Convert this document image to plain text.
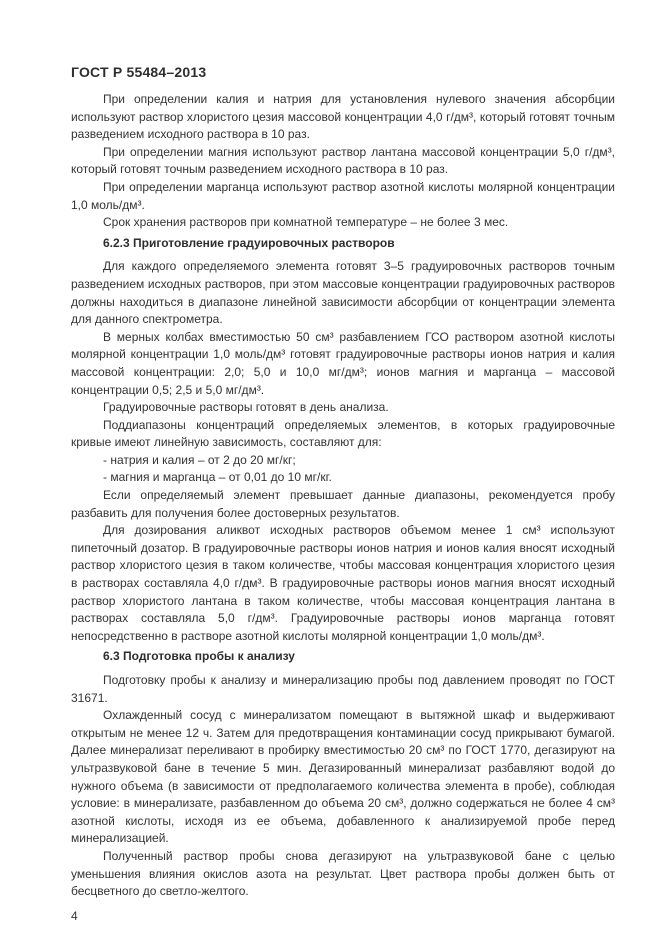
ГОСТ Р 55484–2013

При определении калия и натрия для установления нулевого значения абсорбции используют раствор хлористого цезия массовой концентрации 4,0 г/дм³, который готовят точным разведением исходного раствора в 10 раз.

При определении магния используют раствор лантана массовой концентрации 5,0 г/дм³, который готовят точным разведением исходного раствора в 10 раз.

При определении марганца используют раствор азотной кислоты молярной концентрации 1,0 моль/дм³.

Срок хранения растворов при комнатной температуре – не более 3 мес.

6.2.3 Приготовление градуировочных растворов

Для каждого определяемого элемента готовят 3–5 градуировочных растворов точным разведением исходных растворов, при этом массовые концентрации градуировочных растворов должны находиться в диапазоне линейной зависимости абсорбции от концентрации элемента для данного спектрометра.

В мерных колбах вместимостью 50 см³ разбавлением ГСО раствором азотной кислоты молярной концентрации 1,0 моль/дм³ готовят градуировочные растворы ионов натрия и калия массовой концентрации: 2,0; 5,0 и 10,0 мг/дм³; ионов магния и марганца – массовой концентрации 0,5; 2,5 и 5,0 мг/дм³.

Градуировочные растворы готовят в день анализа.

Поддиапазоны концентраций определяемых элементов, в которых градуировочные кривые имеют линейную зависимость, составляют для:

- натрия и калия – от 2 до 20 мг/кг;

- магния и марганца – от 0,01 до 10 мг/кг.

Если определяемый элемент превышает данные диапазоны, рекомендуется пробу разбавить для получения более достоверных результатов.

Для дозирования аликвот исходных растворов объемом менее 1 см³ используют пипеточный дозатор. В градуировочные растворы ионов натрия и ионов калия вносят исходный раствор хлористого цезия в таком количестве, чтобы массовая концентрация хлористого цезия в растворах составляла 4,0 г/дм³. В градуировочные растворы ионов магния вносят исходный раствор хлористого лантана в таком количестве, чтобы массовая концентрация лантана в растворах составляла 5,0 г/дм³. Градуировочные растворы ионов марганца готовят непосредственно в растворе азотной кислоты молярной концентрации 1,0 моль/дм³.

6.3 Подготовка пробы к анализу

Подготовку пробы к анализу и минерализацию пробы под давлением проводят по ГОСТ 31671.

Охлажденный сосуд с минерализатом помещают в вытяжной шкаф и выдерживают открытым не менее 12 ч. Затем для предотвращения контаминации сосуд прикрывают бумагой. Далее минерализат переливают в пробирку вместимостью 20 см³ по ГОСТ 1770, дегазируют на ультразвуковой бане в течение 5 мин. Дегазированный минерализат разбавляют водой до нужного объема (в зависимости от предполагаемого количества элемента в пробе), соблюдая условие: в минерализате, разбавленном до объема 20 см³, должно содержаться не более 4 см³ азотной кислоты, исходя из ее объема, добавленного к анализируемой пробе перед минерализацией.

Полученный раствор пробы снова дегазируют на ультразвуковой бане с целью уменьшения влияния окислов азота на результат. Цвет раствора пробы должен быть от бесцветного до светло-желтого.

4
